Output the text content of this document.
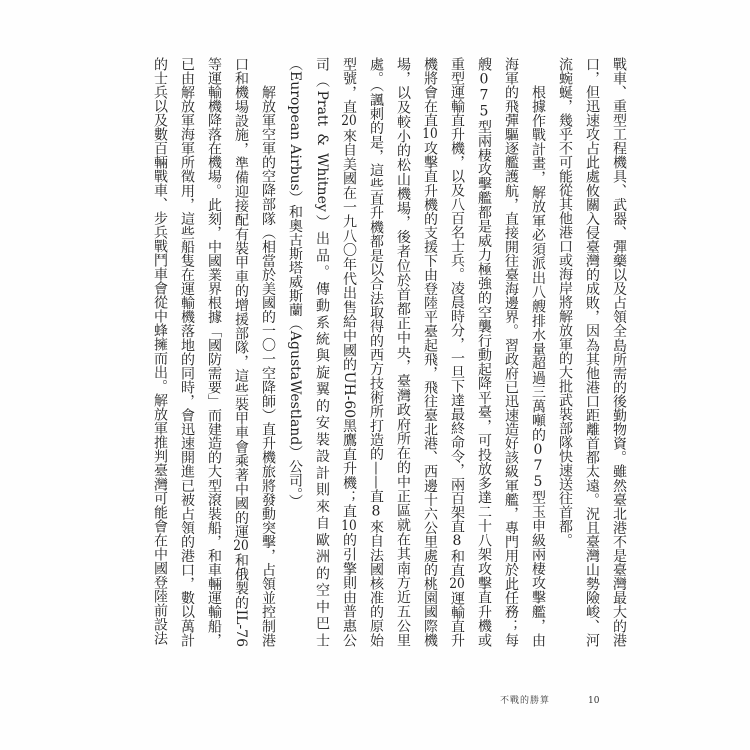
戰車、重型工程機具、武器、彈藥以及占領全島所需的後勤物資。雖然臺北港不是臺灣最大的港口，但迅速攻占此處攸關入侵臺灣的成敗，因為其他港口距離首都太遠。況且臺灣山勢險峻、河流蜿蜒，幾乎不可能從其他港口或海岸將解放軍的大批武裝部隊快速送往首都。

根據作戰計畫，解放軍必須派出八艘排水量超過三萬噸的075型玉申級兩棲攻擊艦，由海軍的飛彈驅逐艦護航，直接開往臺海邊界。習政府已迅速造好該級軍艦，專門用於此任務；每艘075型兩棲攻擊艦都是威力極強的空襲行動起降平臺，可投放多達二十八架攻擊直升機或重型運輸直升機，以及八百名士兵。凌晨時分，一旦下達最終命令，兩百架直8和直20運輸直升機將會在直10攻擊直升機的支援下由登陸平臺起飛，飛往臺北港、西邊十六公里處的桃園國際機場，以及較小的松山機場，後者位於首都正中央，臺灣政府所在的中正區就在其南方近五公里處。（諷刺的是，這些直升機都是以合法取得的西方技術所打造的——直8來自法國核准的原始型號，直20來自美國在一九八〇年代出售給中國的UH-60黑鷹直升機；直10的引擎則由普惠公司（Pratt & Whitney）出品。傳動系統與旋翼的安裝設計則來自歐洲的空中巴士（European Airbus）和奧古斯塔威斯蘭（AgustaWestland）公司。）

解放軍空軍的空降部隊（相當於美國的一〇一空降師）直升機旅將發動突擊，占領並控制港口和機場設施，準備迎接配有裝甲車的增援部隊，這些裝甲車會乘著中國的運20和俄製的IL-76等運輸機降落在機場。此刻，中國業界根據「國防需要」而建造的大型滾裝船，和車輛運輸船，已由解放軍海軍所徵用，這些船隻在運輸機落地的同時，會迅速開進已被占領的港口，數以萬計的士兵以及數百輛戰車、步兵戰鬥車會從中蜂擁而出。解放軍推判臺灣可能會在中國登陸前設法

不戰的勝算	10
